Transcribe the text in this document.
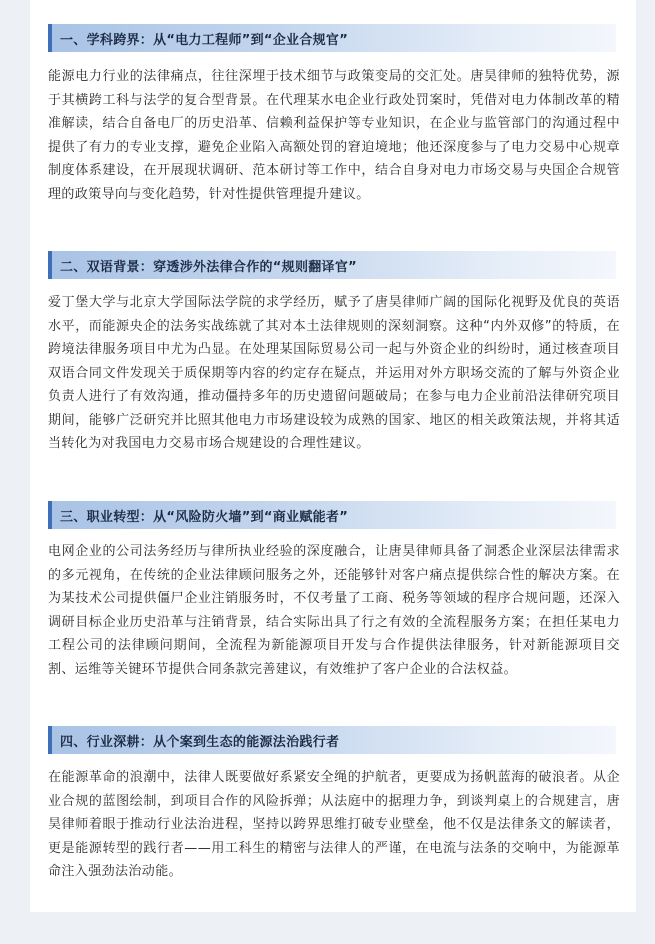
一、学科跨界：从“电力工程师”到“企业合规官”

能源电力行业的法律痛点，往往深埋于技术细节与政策变局的交汇处。唐昊律师的独特优势，源于其横跨工科与法学的复合型背景。在代理某水电企业行政处罚案时，凭借对电力体制改革的精准解读，结合自备电厂的历史沿革、信赖利益保护等专业知识，在企业与监管部门的沟通过程中提供了有力的专业支撑，避免企业陷入高额处罚的窘迫境地；他还深度参与了电力交易中心规章制度体系建设，在开展现状调研、范本研讨等工作中，结合自身对电力市场交易与央国企合规管理的政策导向与变化趋势，针对性提供管理提升建议。

二、双语背景：穿透涉外法律合作的“规则翻译官”

爱丁堡大学与北京大学国际法学院的求学经历，赋予了唐昊律师广阔的国际化视野及优良的英语水平，而能源央企的法务实战练就了其对本土法律规则的深刻洞察。这种“内外双修”的特质，在跨境法律服务项目中尤为凸显。在处理某国际贸易公司一起与外资企业的纠纷时，通过核查项目双语合同文件发现关于质保期等内容的约定存在疑点，并运用对外方职场交流的了解与外资企业负责人进行了有效沟通，推动僵持多年的历史遗留问题破局；在参与电力企业前沿法律研究项目期间，能够广泛研究并比照其他电力市场建设较为成熟的国家、地区的相关政策法规，并将其适当转化为对我国电力交易市场合规建设的合理性建议。

三、职业转型：从“风险防火墙”到“商业赋能者”

电网企业的公司法务经历与律所执业经验的深度融合，让唐昊律师具备了洞悉企业深层法律需求的多元视角，在传统的企业法律顾问服务之外，还能够针对客户痛点提供综合性的解决方案。在为某技术公司提供僵尸企业注销服务时，不仅考量了工商、税务等领域的程序合规问题，还深入调研目标企业历史沿革与注销背景，结合实际出具了行之有效的全流程服务方案；在担任某电力工程公司的法律顾问期间，全流程为新能源项目开发与合作提供法律服务，针对新能源项目交割、运维等关键环节提供合同条款完善建议，有效维护了客户企业的合法权益。

四、行业深耕：从个案到生态的能源法治践行者

在能源革命的浪潮中，法律人既要做好系紧安全绳的护航者，更要成为扬帆蓝海的破浪者。从企业合规的蓝图绘制，到项目合作的风险拆弹；从法庭中的据理力争，到谈判桌上的合规建言，唐昊律师着眼于推动行业法治进程，坚持以跨界思维打破专业壁垒，他不仅是法律条文的解读者，更是能源转型的践行者——用工科生的精密与法律人的严谨，在电流与法条的交响中，为能源革命注入强劲法治动能。
